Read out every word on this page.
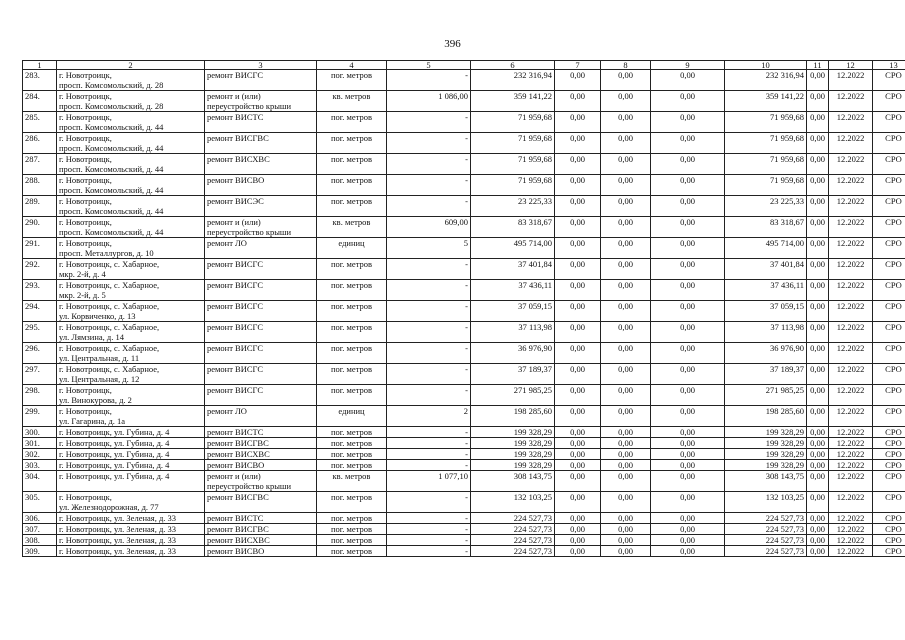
396
1	2	3	4	5	6	7	8	9	10	11	12	13	
283.	г. Новотроицк,
просп. Комсомольский, д. 28	ремонт ВИСГС	пог. метров	-	232 316,94	0,00	0,00	0,00	232 316,94	0,00	12.2022	СРО	
284.	г. Новотроицк,
просп. Комсомольский, д. 28	ремонт и (или)
переустройство крыши	кв. метров	1 086,00	359 141,22	0,00	0,00	0,00	359 141,22	0,00	12.2022	СРО	
285.	г. Новотроицк,
просп. Комсомольский, д. 44	ремонт ВИСТС	пог. метров	-	71 959,68	0,00	0,00	0,00	71 959,68	0,00	12.2022	СРО	
286.	г. Новотроицк,
просп. Комсомольский, д. 44	ремонт ВИСГВС	пог. метров	-	71 959,68	0,00	0,00	0,00	71 959,68	0,00	12.2022	СРО	
287.	г. Новотроицк,
просп. Комсомольский, д. 44	ремонт ВИСХВС	пог. метров	-	71 959,68	0,00	0,00	0,00	71 959,68	0,00	12.2022	СРО	
288.	г. Новотроицк,
просп. Комсомольский, д. 44	ремонт ВИСВО	пог. метров	-	71 959,68	0,00	0,00	0,00	71 959,68	0,00	12.2022	СРО	
289.	г. Новотроицк,
просп. Комсомольский, д. 44	ремонт ВИСЭС	пог. метров	-	23 225,33	0,00	0,00	0,00	23 225,33	0,00	12.2022	СРО	
290.	г. Новотроицк,
просп. Комсомольский, д. 44	ремонт и (или)
переустройство крыши	кв. метров	609,00	83 318,67	0,00	0,00	0,00	83 318,67	0,00	12.2022	СРО	
291.	г. Новотроицк,
просп. Металлургов, д. 10	ремонт ЛО	единиц	5	495 714,00	0,00	0,00	0,00	495 714,00	0,00	12.2022	СРО	
292.	г. Новотроицк, с. Хабарное,
мкр. 2-й, д. 4	ремонт ВИСГС	пог. метров	-	37 401,84	0,00	0,00	0,00	37 401,84	0,00	12.2022	СРО	
293.	г. Новотроицк, с. Хабарное,
мкр. 2-й, д. 5	ремонт ВИСГС	пог. метров	-	37 436,11	0,00	0,00	0,00	37 436,11	0,00	12.2022	СРО	
294.	г. Новотроицк, с. Хабарное,
ул. Корвиченко, д. 13	ремонт ВИСГС	пог. метров	-	37 059,15	0,00	0,00	0,00	37 059,15	0,00	12.2022	СРО	
295.	г. Новотроицк, с. Хабарное,
ул. Лямзина, д. 14	ремонт ВИСГС	пог. метров	-	37 113,98	0,00	0,00	0,00	37 113,98	0,00	12.2022	СРО	
296.	г. Новотроицк, с. Хабарное,
ул. Центральная, д. 11	ремонт ВИСГС	пог. метров	-	36 976,90	0,00	0,00	0,00	36 976,90	0,00	12.2022	СРО	
297.	г. Новотроицк, с. Хабарное,
ул. Центральная, д. 12	ремонт ВИСГС	пог. метров	-	37 189,37	0,00	0,00	0,00	37 189,37	0,00	12.2022	СРО	
298.	г. Новотроицк,
ул. Винокурова, д. 2	ремонт ВИСГС	пог. метров	-	271 985,25	0,00	0,00	0,00	271 985,25	0,00	12.2022	СРО	
299.	г. Новотроицк,
ул. Гагарина, д. 1а	ремонт ЛО	единиц	2	198 285,60	0,00	0,00	0,00	198 285,60	0,00	12.2022	СРО	
300.	г. Новотроицк, ул. Губина, д. 4	ремонт ВИСТС	пог. метров	-	199 328,29	0,00	0,00	0,00	199 328,29	0,00	12.2022	СРО	
301.	г. Новотроицк, ул. Губина, д. 4	ремонт ВИСГВС	пог. метров	-	199 328,29	0,00	0,00	0,00	199 328,29	0,00	12.2022	СРО	
302.	г. Новотроицк, ул. Губина, д. 4	ремонт ВИСХВС	пог. метров	-	199 328,29	0,00	0,00	0,00	199 328,29	0,00	12.2022	СРО	
303.	г. Новотроицк, ул. Губина, д. 4	ремонт ВИСВО	пог. метров	-	199 328,29	0,00	0,00	0,00	199 328,29	0,00	12.2022	СРО	
304.	г. Новотроицк, ул. Губина, д. 4	ремонт и (или)
переустройство крыши	кв. метров	1 077,10	308 143,75	0,00	0,00	0,00	308 143,75	0,00	12.2022	СРО	
305.	г. Новотроицк,
ул. Железнодорожная, д. 77	ремонт ВИСГВС	пог. метров	-	132 103,25	0,00	0,00	0,00	132 103,25	0,00	12.2022	СРО	
306.	г. Новотроицк, ул. Зеленая, д. 33	ремонт ВИСТС	пог. метров	-	224 527,73	0,00	0,00	0,00	224 527,73	0,00	12.2022	СРО	
307.	г. Новотроицк, ул. Зеленая, д. 33	ремонт ВИСГВС	пог. метров	-	224 527,73	0,00	0,00	0,00	224 527,73	0,00	12.2022	СРО	
308.	г. Новотроицк, ул. Зеленая, д. 33	ремонт ВИСХВС	пог. метров	-	224 527,73	0,00	0,00	0,00	224 527,73	0,00	12.2022	СРО	
309.	г. Новотроицк, ул. Зеленая, д. 33	ремонт ВИСВО	пог. метров	-	224 527,73	0,00	0,00	0,00	224 527,73	0,00	12.2022	СРО	
